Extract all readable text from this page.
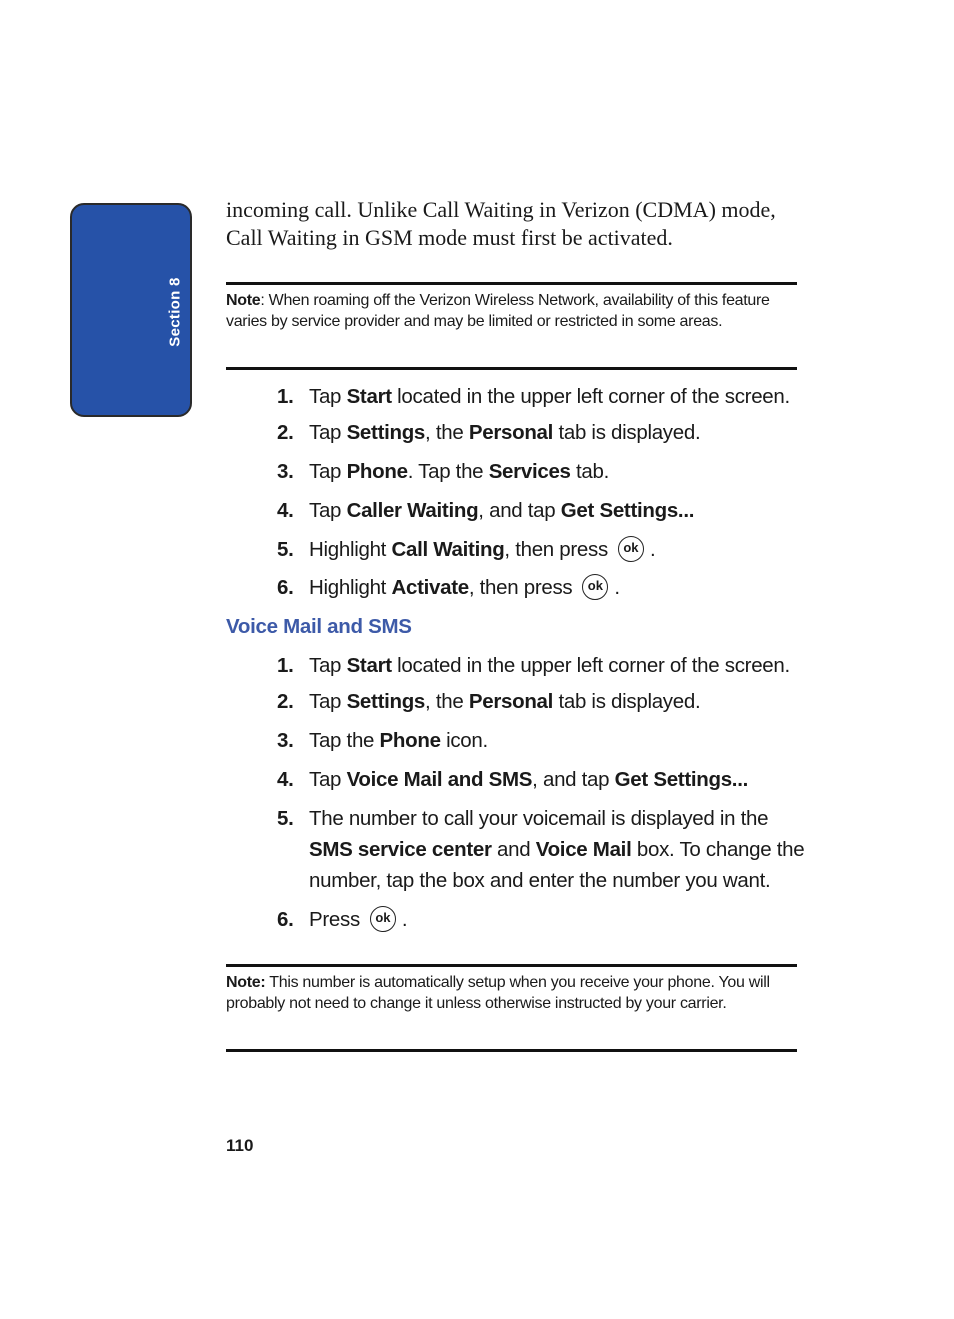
Section 8
incoming call. Unlike Call Waiting in Verizon (CDMA) mode, Call Waiting in GSM mode must first be activated.
Note: When roaming off the Verizon Wireless Network, availability of this feature varies by service provider and may be limited or restricted in some areas.
1. Tap Start located in the upper left corner of the screen.
2. Tap Settings, the Personal tab is displayed.
3. Tap Phone. Tap the Services tab.
4. Tap Caller Waiting, and tap Get Settings...
5. Highlight Call Waiting, then press ok .
6. Highlight Activate, then press ok .
Voice Mail and SMS
1. Tap Start located in the upper left corner of the screen.
2. Tap Settings, the Personal tab is displayed.
3. Tap the Phone icon.
4. Tap Voice Mail and SMS, and tap Get Settings...
5. The number to call your voicemail is displayed in the SMS service center and Voice Mail box. To change the number, tap the box and enter the number you want.
6. Press ok .
Note: This number is automatically setup when you receive your phone. You will probably not need to change it unless otherwise instructed by your carrier.
110
